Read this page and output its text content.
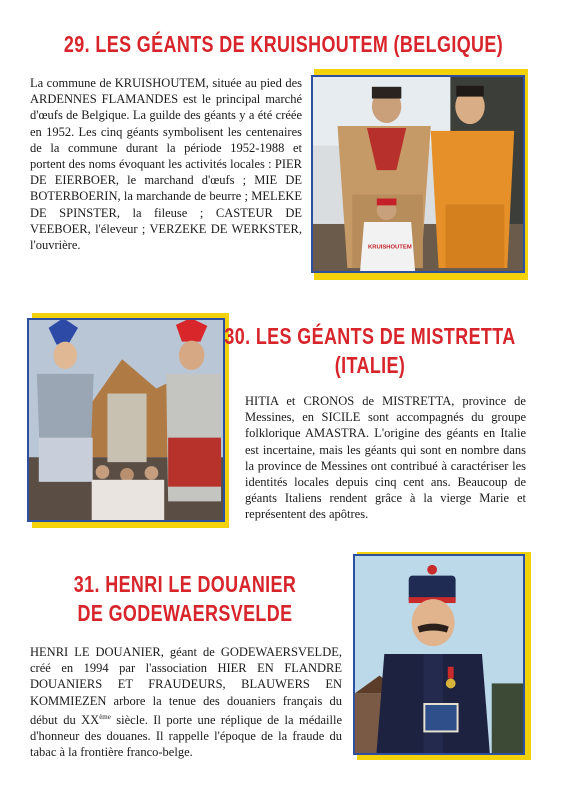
29. LES GÉANTS DE KRUISHOUTEM (BELGIQUE)

La commune de KRUISHOUTEM, située au pied des ARDENNES FLAMANDES est le principal marché d'œufs de Belgique. La guilde des géants y a été créée en 1952. Les cinq géants symbolisent les centenaires de la commune durant la période 1952-1988 et portent des noms évoquant les activités locales : PIER DE EIERBOER, le marchand d'œufs ; MIE DE BOTERBOERIN, la marchande de beurre ; MELEKE DE SPINSTER, la fileuse ; CASTEUR DE VEEBOER, l'éleveur ; VERZEKE DE WERKSTER, l'ouvrière.	KRUISHOUTEM
30. LES GÉANTS DE MISTRETTA
(ITALIE)

HITIA et CRONOS de MISTRETTA, province de Messines, en SICILE sont accompagnés du groupe folklorique AMASTRA. L'origine des géants en Italie est incertaine, mais les géants qui sont en nombre dans la province de Messines ont contribué à caractériser les identités locales depuis cinq cent ans. Beaucoup de géants Italiens rendent grâce à la vierge Marie et représentent des apôtres.

31. HENRI LE DOUANIER
DE GODEWAERSVELDE

HENRI LE DOUANIER, géant de GODEWAERSVELDE, créé en 1994 par l'association HIER EN FLANDRE DOUANIERS ET FRAUDEURS, BLAUWERS EN KOMMIEZEN arbore la tenue des douaniers français du début du XXème siècle. Il porte une réplique de la médaille d'honneur des douanes. Il rappelle l'époque de la fraude du tabac à la frontière franco-belge.
